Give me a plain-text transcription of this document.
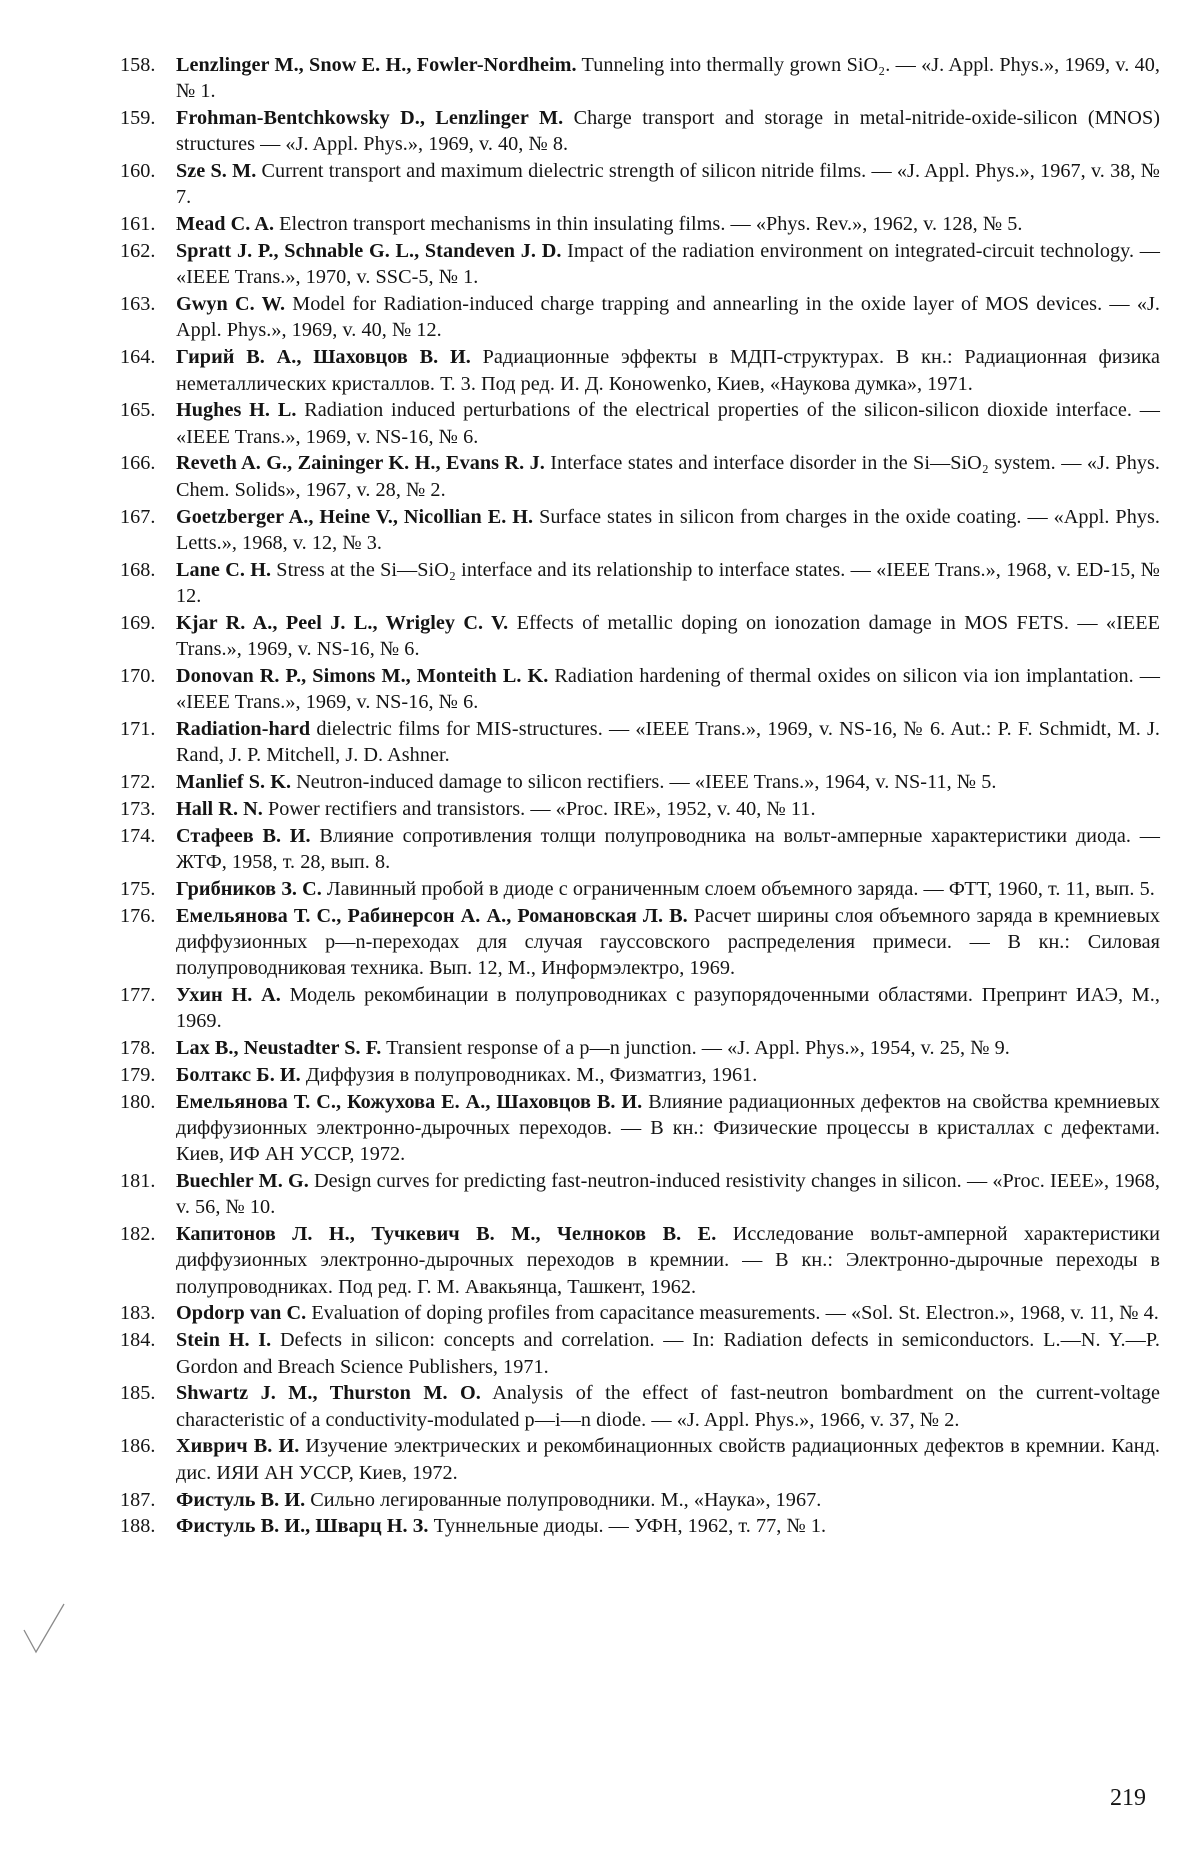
158.	Lenzlinger M., Snow E. H., Fowler-Nordheim. Tunneling into thermally grown SiO₂. — «J. Appl. Phys.», 1969, v. 40, № 1.
159.	Frohman-Bentchkowsky D., Lenzlinger M. Charge transport and storage in metal-nitride-oxide-silicon (MNOS) structures — «J. Appl. Phys.», 1969, v. 40, № 8.
160.	Sze S. M. Current transport and maximum dielectric strength of silicon nitride films. — «J. Appl. Phys.», 1967, v. 38, № 7.
161.	Mead C. A. Electron transport mechanisms in thin insulating films. — «Phys. Rev.», 1962, v. 128, № 5.
162.	Spratt J. P., Schnable G. L., Standeven J. D. Impact of the radiation environment on integrated-circuit technology. — «IEEE Trans.», 1970, v. SSC-5, № 1.
163.	Gwyn C. W. Model for Radiation-induced charge trapping and annearling in the oxide layer of MOS devices. — «J. Appl. Phys.», 1969, v. 40, № 12.
164.	Гирий В. А., Шаховцов В. И. Радиационные эффекты в МДП-структурах. В кн.: Радиационная физика неметаллических кристаллов. Т. 3. Под ред. И. Д. Коноwenko, Киев, «Наукова думка», 1971.
165.	Hughes H. L. Radiation induced perturbations of the electrical properties of the silicon-silicon dioxide interface. — «IEEE Trans.», 1969, v. NS-16, № 6.
166.	Reveth A. G., Zaininger K. H., Evans R. J. Interface states and interface disorder in the Si—SiO₂ system. — «J. Phys. Chem. Solids», 1967, v. 28, № 2.
167.	Goetzberger A., Heine V., Nicollian E. H. Surface states in silicon from charges in the oxide coating. — «Appl. Phys. Letts.», 1968, v. 12, № 3.
168.	Lane C. H. Stress at the Si—SiO₂ interface and its relationship to interface states. — «IEEE Trans.», 1968, v. ED-15, № 12.
169.	Kjar R. A., Peel J. L., Wrigley C. V. Effects of metallic doping on ionozation damage in MOS FETS. — «IEEE Trans.», 1969, v. NS-16, № 6.
170.	Donovan R. P., Simons M., Monteith L. K. Radiation hardening of thermal oxides on silicon via ion implantation. — «IEEE Trans.», 1969, v. NS-16, № 6.
171.	Radiation-hard dielectric films for MIS-structures. — «IEEE Trans.», 1969, v. NS-16, № 6. Aut.: P. F. Schmidt, M. J. Rand, J. P. Mitchell, J. D. Ashner.
172.	Manlief S. K. Neutron-induced damage to silicon rectifiers. — «IEEE Trans.», 1964, v. NS-11, № 5.
173.	Hall R. N. Power rectifiers and transistors. — «Proc. IRE», 1952, v. 40, № 11.
174.	Стафеев В. И. Влияние сопротивления толщи полупроводника на вольт-амперные характеристики диода. — ЖТФ, 1958, т. 28, вып. 8.
175.	Грибников З. С. Лавинный пробой в диоде с ограниченным слоем объемного заряда. — ФТТ, 1960, т. 11, вып. 5.
176.	Емельянова Т. С., Рабинерсон А. А., Романовская Л. В. Расчет ширины слоя объемного заряда в кремниевых диффузионных p—n-переходах для случая гауссовского распределения примеси. — В кн.: Силовая полупроводниковая техника. Вып. 12, М., Информэлектро, 1969.
177.	Ухин Н. А. Модель рекомбинации в полупроводниках с разупорядоченными областями. Препринт ИАЭ, М., 1969.
178.	Lax B., Neustadter S. F. Transient response of a p—n junction. — «J. Appl. Phys.», 1954, v. 25, № 9.
179.	Болтакс Б. И. Диффузия в полупроводниках. М., Физматгиз, 1961.
180.	Емельянова Т. С., Кожухова Е. А., Шаховцов В. И. Влияние радиационных дефектов на свойства кремниевых диффузионных электронно-дырочных переходов. — В кн.: Физические процессы в кристаллах с дефектами. Киев, ИФ АН УССР, 1972.
181.	Buechler M. G. Design curves for predicting fast-neutron-induced resistivity changes in silicon. — «Proc. IEEE», 1968, v. 56, № 10.
182.	Капитонов Л. Н., Тучкевич В. М., Челноков В. Е. Исследование вольт-амперной характеристики диффузионных электронно-дырочных переходов в кремнии. — В кн.: Электронно-дырочные переходы в полупроводниках. Под ред. Г. М. Авакьянца, Ташкент, 1962.
183.	Opdorp van C. Evaluation of doping profiles from capacitance measurements. — «Sol. St. Electron.», 1968, v. 11, № 4.
184.	Stein H. I. Defects in silicon: concepts and correlation. — In: Radiation defects in semiconductors. L.—N. Y.—P. Gordon and Breach Science Publishers, 1971.
185.	Shwartz J. M., Thurston M. O. Analysis of the effect of fast-neutron bombardment on the current-voltage characteristic of a conductivity-modulated p—i—n diode. — «J. Appl. Phys.», 1966, v. 37, № 2.
186.	Хиврич В. И. Изучение электрических и рекомбинационных свойств радиационных дефектов в кремнии. Канд. дис. ИЯИ АН УССР, Киев, 1972.
187.	Фистуль В. И. Сильно легированные полупроводники. М., «Наука», 1967.
188.	Фистуль В. И., Шварц Н. З. Туннельные диоды. — УФН, 1962, т. 77, № 1.
219
